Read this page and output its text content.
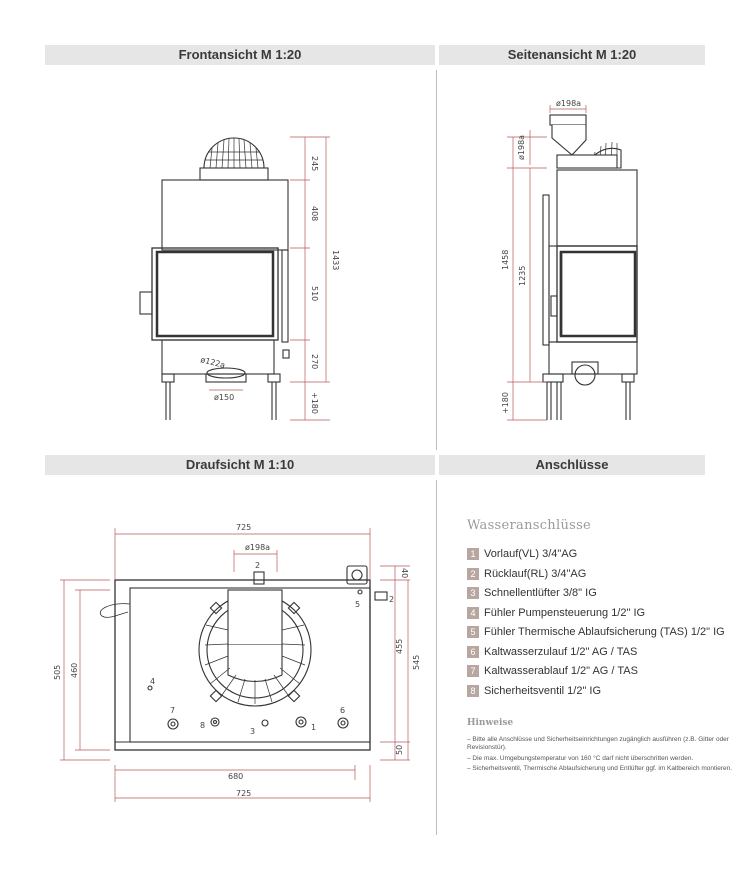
Frontansicht M 1:20	Seitenansicht M 1:20
Draufsicht M 1:10	Anschlüsse
245
408
1433
510
270
+180
ø122a
ø150
ø198a
ø198a
1458
1235
+180
725
ø198a
40
505 460
455
545
50
680
725
1
2
2
3
4
5
6
7
8
Wasseranschlüsse
1 Vorlauf(VL) 3/4"AG
2 Rücklauf(RL) 3/4"AG
3 Schnellentlüfter 3/8" IG
4 Fühler Pumpensteuerung 1/2" IG
5 Fühler Thermische Ablaufsicherung (TAS) 1/2" IG
6 Kaltwasserzulauf 1/2" AG / TAS
7 Kaltwasserablauf 1/2" AG / TAS
8 Sicherheitsventil 1/2" IG
Hinweise
– Bitte alle Anschlüsse und Sicherheitseinrichtungen zugänglich ausführen (z.B. Gitter oder Revisionstür).
– Die max. Umgebungstemperatur von 160 °C darf nicht überschritten werden.
– Sicherheitsventil, Thermische Ablaufsicherung und Entlüfter ggf. im Kaltbereich montieren.
